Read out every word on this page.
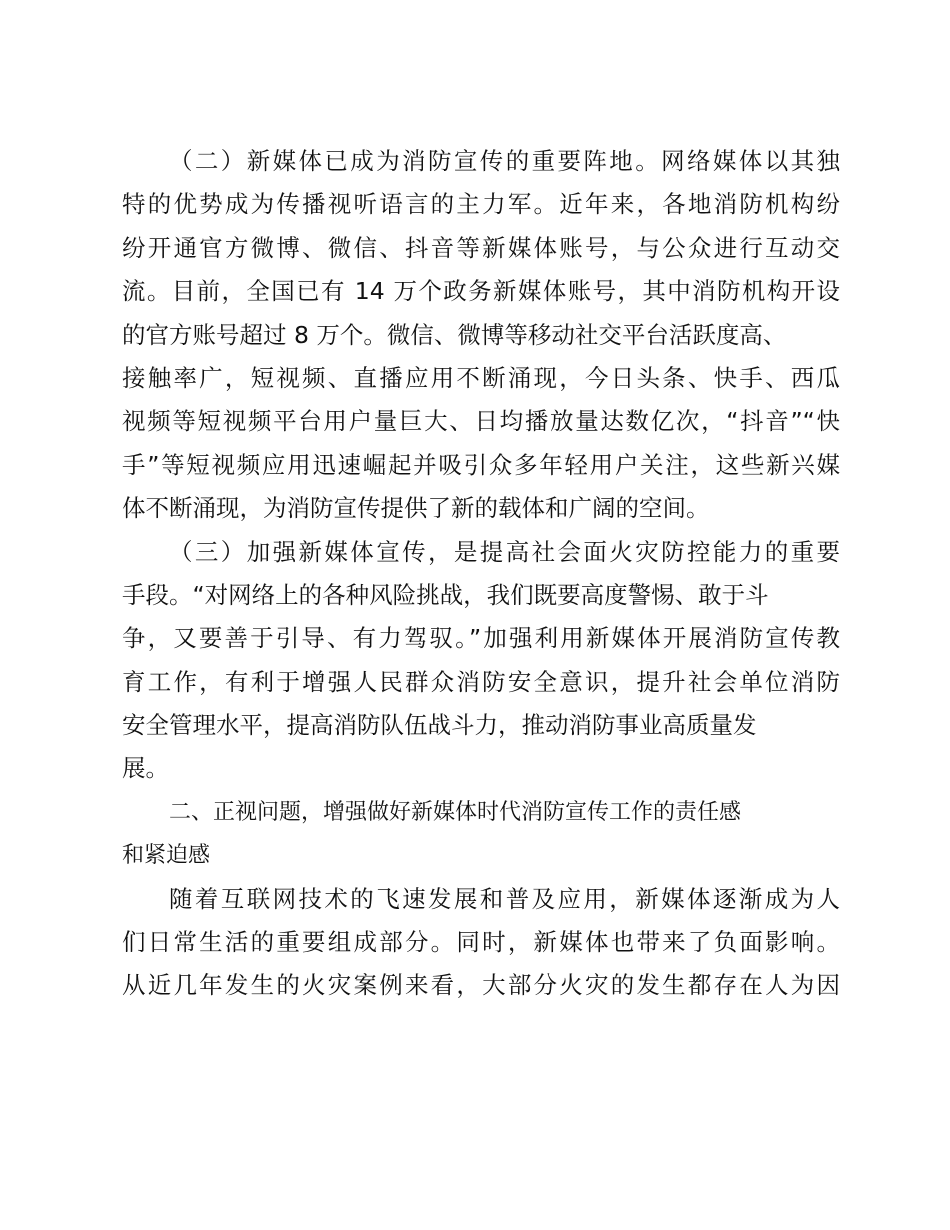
（二）新媒体已成为消防宣传的重要阵地。网络媒体以其独
特的优势成为传播视听语言的主力军。近年来，各地消防机构纷
纷开通官方微博、微信、抖音等新媒体账号，与公众进行互动交
流。目前，全国已有 14 万个政务新媒体账号，其中消防机构开设
的官方账号超过 8 万个。微信、微博等移动社交平台活跃度高、
接触率广，短视频、直播应用不断涌现，今日头条、快手、西瓜
视频等短视频平台用户量巨大、日均播放量达数亿次，“抖音”“快
手”等短视频应用迅速崛起并吸引众多年轻用户关注，这些新兴媒
体不断涌现，为消防宣传提供了新的载体和广阔的空间。
（三）加强新媒体宣传，是提高社会面火灾防控能力的重要
手段。“对网络上的各种风险挑战，我们既要高度警惕、敢于斗
争，又要善于引导、有力驾驭。”加强利用新媒体开展消防宣传教
育工作，有利于增强人民群众消防安全意识，提升社会单位消防
安全管理水平，提高消防队伍战斗力，推动消防事业高质量发
展。
二、正视问题，增强做好新媒体时代消防宣传工作的责任感
和紧迫感
随着互联网技术的飞速发展和普及应用，新媒体逐渐成为人
们日常生活的重要组成部分。同时，新媒体也带来了负面影响。
从近几年发生的火灾案例来看，大部分火灾的发生都存在人为因
